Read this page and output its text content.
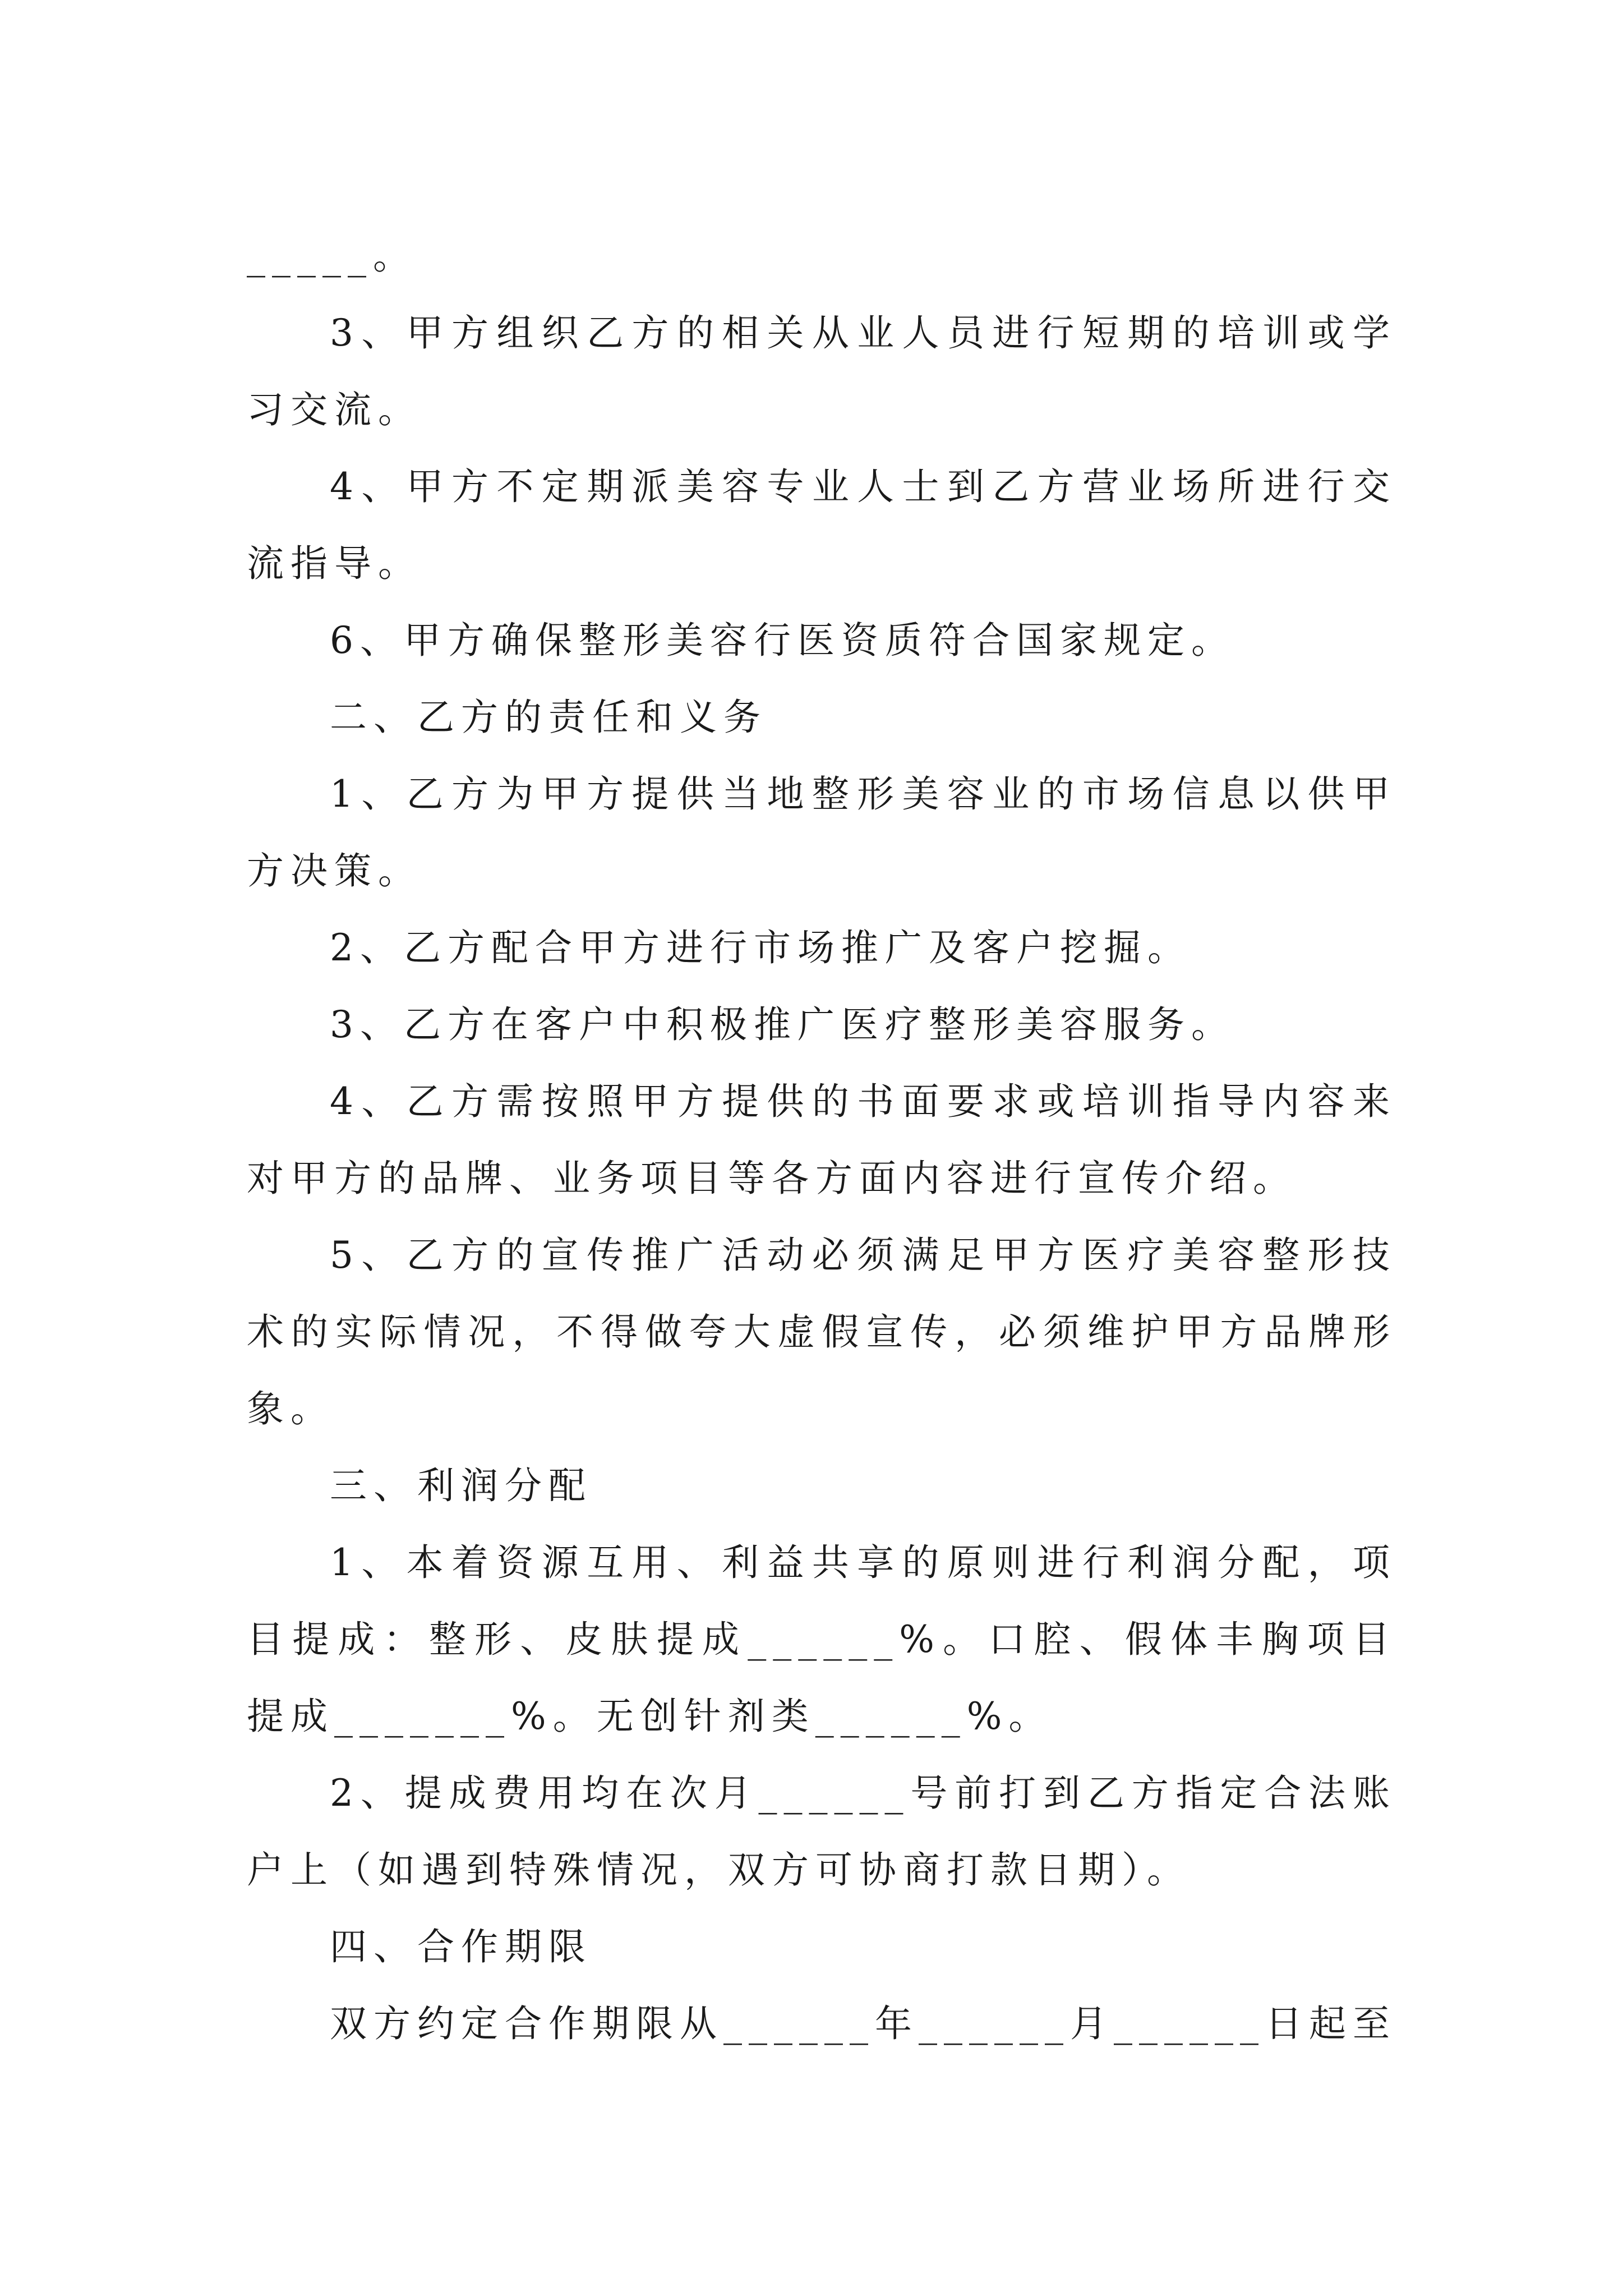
_____。

3、甲方组织乙方的相关从业人员进行短期的培训或学习交流。

4、甲方不定期派美容专业人士到乙方营业场所进行交流指导。

6、甲方确保整形美容行医资质符合国家规定。

二、乙方的责任和义务

1、乙方为甲方提供当地整形美容业的市场信息以供甲方决策。

2、乙方配合甲方进行市场推广及客户挖掘。

3、乙方在客户中积极推广医疗整形美容服务。

4、乙方需按照甲方提供的书面要求或培训指导内容来对甲方的品牌、业务项目等各方面内容进行宣传介绍。

5、乙方的宣传推广活动必须满足甲方医疗美容整形技术的实际情况，不得做夸大虚假宣传，必须维护甲方品牌形象。

三、利润分配

1、本着资源互用、利益共享的原则进行利润分配，项目提成：整形、皮肤提成______%。口腔、假体丰胸项目提成_______%。无创针剂类______%。

2、提成费用均在次月______号前打到乙方指定合法账户上（如遇到特殊情况，双方可协商打款日期）。

四、合作期限

双方约定合作期限从______年______月______日起至
